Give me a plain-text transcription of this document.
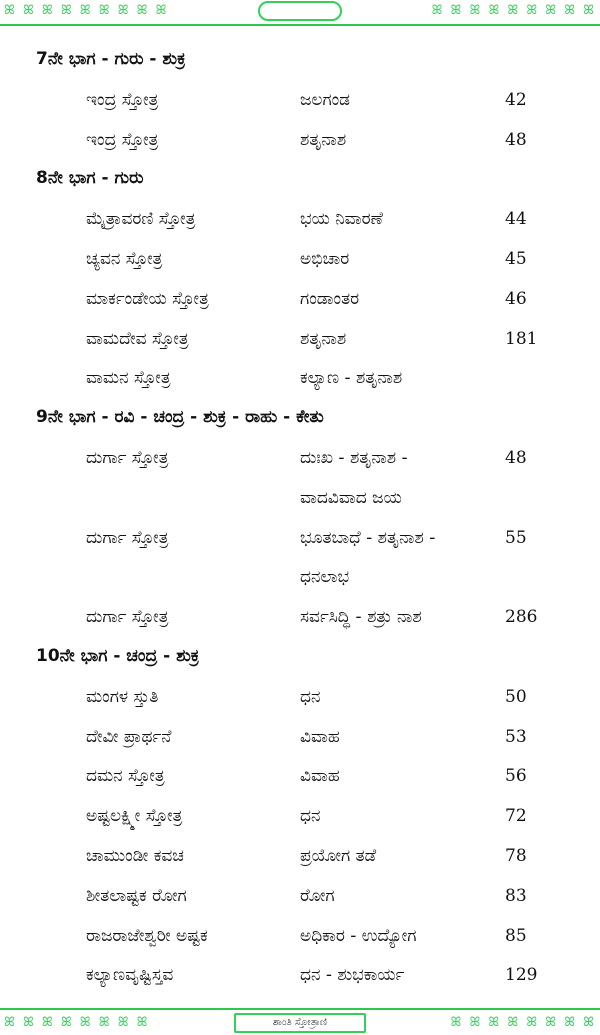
ꕤ ꕤ ꕤ ꕤ ꕤ ꕤ ꕤ ꕤ ꕤ	ꕤ ꕤ ꕤ ꕤ ꕤ ꕤ ꕤ ꕤ ꕤ
7ನೇ ಭಾಗ - ಗುರು - ಶುಕ್ರ
ಇಂದ್ರ ಸ್ತೋತ್ರ	ಜಲಗಂಡ	42
ಇಂದ್ರ ಸ್ತೋತ್ರ	ಶತೃನಾಶ	48
8ನೇ ಭಾಗ - ಗುರು
ಮೈತ್ರಾವರಣಿ ಸ್ತೋತ್ರ	ಭಯ ನಿವಾರಣೆ	44
ಚ್ಯವನ ಸ್ತೋತ್ರ	ಅಭಿಚಾರ	45
ಮಾರ್ಕಂಡೇಯ ಸ್ತೋತ್ರ	ಗಂಡಾಂತರ	46
ವಾಮದೇವ ಸ್ತೋತ್ರ	ಶತೃನಾಶ	181
ವಾಮನ ಸ್ತೋತ್ರ	ಕಲ್ಯಾಣ - ಶತೃನಾಶ
9ನೇ ಭಾಗ - ರವಿ - ಚಂದ್ರ - ಶುಕ್ರ - ರಾಹು - ಕೇತು
ದುರ್ಗಾ ಸ್ತೋತ್ರ	ದುಃಖ - ಶತೃನಾಶ -	48
ವಾದವಿವಾದ ಜಯ
ದುರ್ಗಾ ಸ್ತೋತ್ರ	ಭೂತಬಾಧೆ - ಶತೃನಾಶ -	55
ಧನಲಾಭ
ದುರ್ಗಾ ಸ್ತೋತ್ರ	ಸರ್ವಸಿದ್ಧಿ - ಶತ್ರು ನಾಶ	286
10ನೇ ಭಾಗ - ಚಂದ್ರ - ಶುಕ್ರ
ಮಂಗಳ ಸ್ತುತಿ	ಧನ	50
ದೇವೀ ಪ್ರಾರ್ಥನೆ	ವಿವಾಹ	53
ದಮನ ಸ್ತೋತ್ರ	ವಿವಾಹ	56
ಅಷ್ಟಲಕ್ಷ್ಮೀ ಸ್ತೋತ್ರ	ಧನ	72
ಚಾಮುಂಡೀ ಕವಚ	ಪ್ರಯೋಗ ತಡೆ	78
ಶೀತಲಾಷ್ಟಕ ರೋಗ	ರೋಗ	83
ರಾಜರಾಜೇಶ್ವರೀ ಅಷ್ಟಕ	ಅಧಿಕಾರ - ಉದ್ಯೋಗ	85
ಕಲ್ಯಾಣವೃಷ್ಟಿಸ್ತವ	ಧನ - ಶುಭಕಾರ್ಯ	129
ꕤ ꕤ ꕤ ꕤ ꕤ ꕤ ꕤ ꕤ	ಶಾಂತಿ ಸ್ತೋತ್ರಾಣಿ	ꕤ ꕤ ꕤ ꕤ ꕤ ꕤ ꕤ ꕤ
